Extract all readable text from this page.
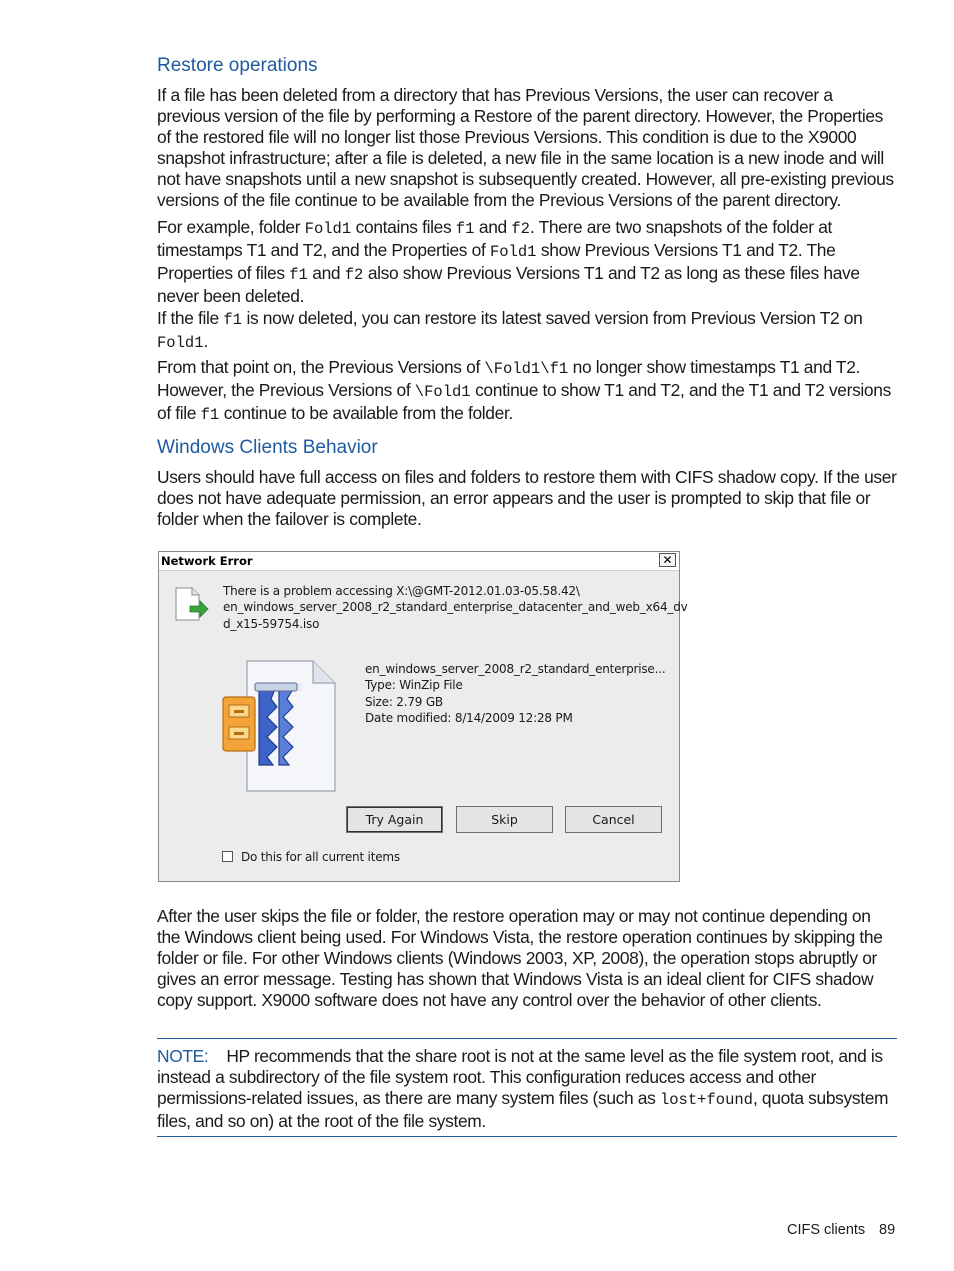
Restore operations

If a file has been deleted from a directory that has Previous Versions, the user can recover a previous version of the file by performing a Restore of the parent directory. However, the Properties of the restored file will no longer list those Previous Versions. This condition is due to the X9000 snapshot infrastructure; after a file is deleted, a new file in the same location is a new inode and will not have snapshots until a new snapshot is subsequently created. However, all pre-existing previous versions of the file continue to be available from the Previous Versions of the parent directory.

For example, folder Fold1 contains files f1 and f2. There are two snapshots of the folder at timestamps T1 and T2, and the Properties of Fold1 show Previous Versions T1 and T2. The Properties of files f1 and f2 also show Previous Versions T1 and T2 as long as these files have never been deleted.

If the file f1 is now deleted, you can restore its latest saved version from Previous Version T2 on Fold1.

From that point on, the Previous Versions of \Fold1\f1 no longer show timestamps T1 and T2. However, the Previous Versions of \Fold1 continue to show T1 and T2, and the T1 and T2 versions of file f1 continue to be available from the folder.

Windows Clients Behavior

Users should have full access on files and folders to restore them with CIFS shadow copy. If the user does not have adequate permission, an error appears and the user is prompted to skip that file or folder when the failover is complete.

After the user skips the file or folder, the restore operation may or may not continue depending on the Windows client being used. For Windows Vista, the restore operation continues by skipping the folder or file. For other Windows clients (Windows 2003, XP, 2008), the operation stops abruptly or gives an error message. Testing has shown that Windows Vista is an ideal client for CIFS shadow copy support. X9000 software does not have any control over the behavior of other clients.

NOTE: HP recommends that the share root is not at the same level as the file system root, and is instead a subdirectory of the file system root. This configuration reduces access and other permissions-related issues, as there are many system files (such as lost+found, quota subsystem files, and so on) at the root of the file system.

Network Error	✕
There is a problem accessing X:\@GMT-2012.01.03-05.58.42\
en_windows_server_2008_r2_standard_enterprise_datacenter_and_web_x64_dv
d_x15-59754.iso
en_windows_server_2008_r2_standard_enterprise...
Type: WinZip File
Size: 2.79 GB
Date modified: 8/14/2009 12:28 PM
Try Again	Skip	Cancel
Do this for all current items
CIFS clients 89
